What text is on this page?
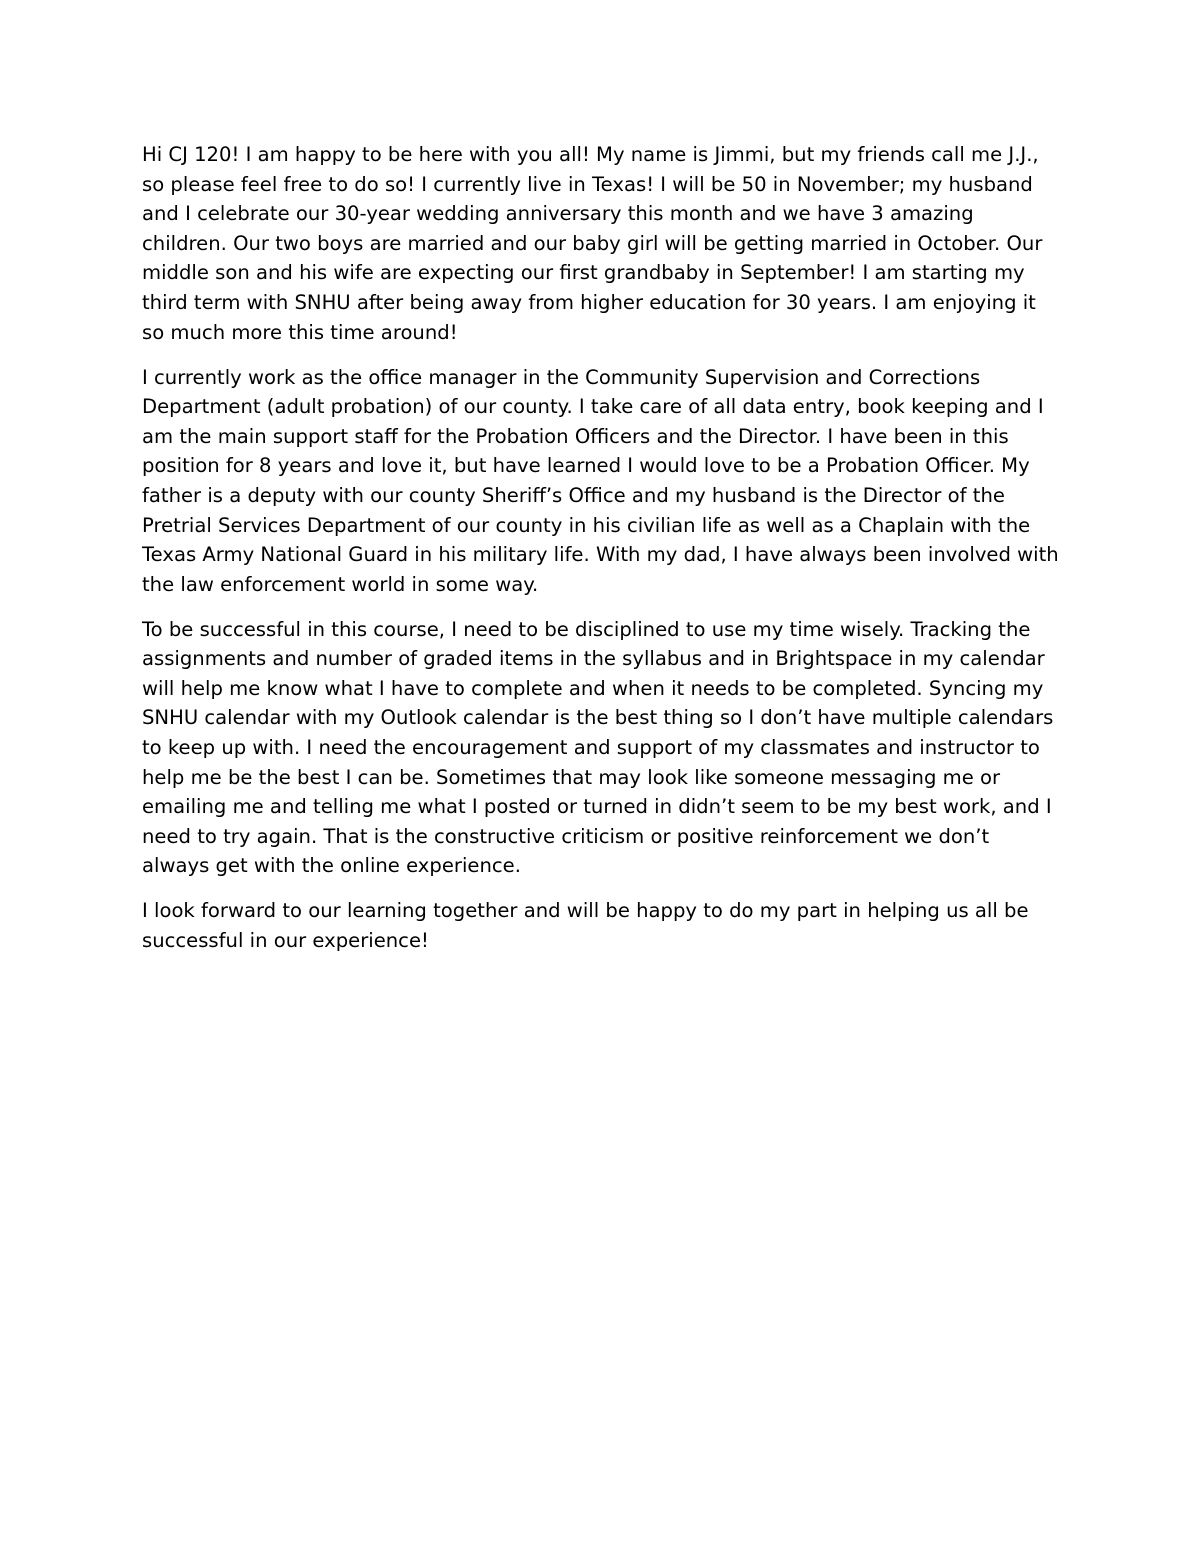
Hi CJ 120! I am happy to be here with you all! My name is Jimmi, but my friends call me J.J., so please feel free to do so! I currently live in Texas! I will be 50 in November; my husband and I celebrate our 30-year wedding anniversary this month and we have 3 amazing children. Our two boys are married and our baby girl will be getting married in October. Our middle son and his wife are expecting our first grandbaby in September! I am starting my third term with SNHU after being away from higher education for 30 years. I am enjoying it so much more this time around!

I currently work as the office manager in the Community Supervision and Corrections Department (adult probation) of our county. I take care of all data entry, book keeping and I am the main support staff for the Probation Officers and the Director. I have been in this position for 8 years and love it, but have learned I would love to be a Probation Officer. My father is a deputy with our county Sheriff’s Office and my husband is the Director of the Pretrial Services Department of our county in his civilian life as well as a Chaplain with the Texas Army National Guard in his military life. With my dad, I have always been involved with the law enforcement world in some way.

To be successful in this course, I need to be disciplined to use my time wisely. Tracking the assignments and number of graded items in the syllabus and in Brightspace in my calendar will help me know what I have to complete and when it needs to be completed. Syncing my SNHU calendar with my Outlook calendar is the best thing so I don’t have multiple calendars to keep up with. I need the encouragement and support of my classmates and instructor to help me be the best I can be. Sometimes that may look like someone messaging me or emailing me and telling me what I posted or turned in didn’t seem to be my best work, and I need to try again. That is the constructive criticism or positive reinforcement we don’t always get with the online experience.

I look forward to our learning together and will be happy to do my part in helping us all be successful in our experience!
